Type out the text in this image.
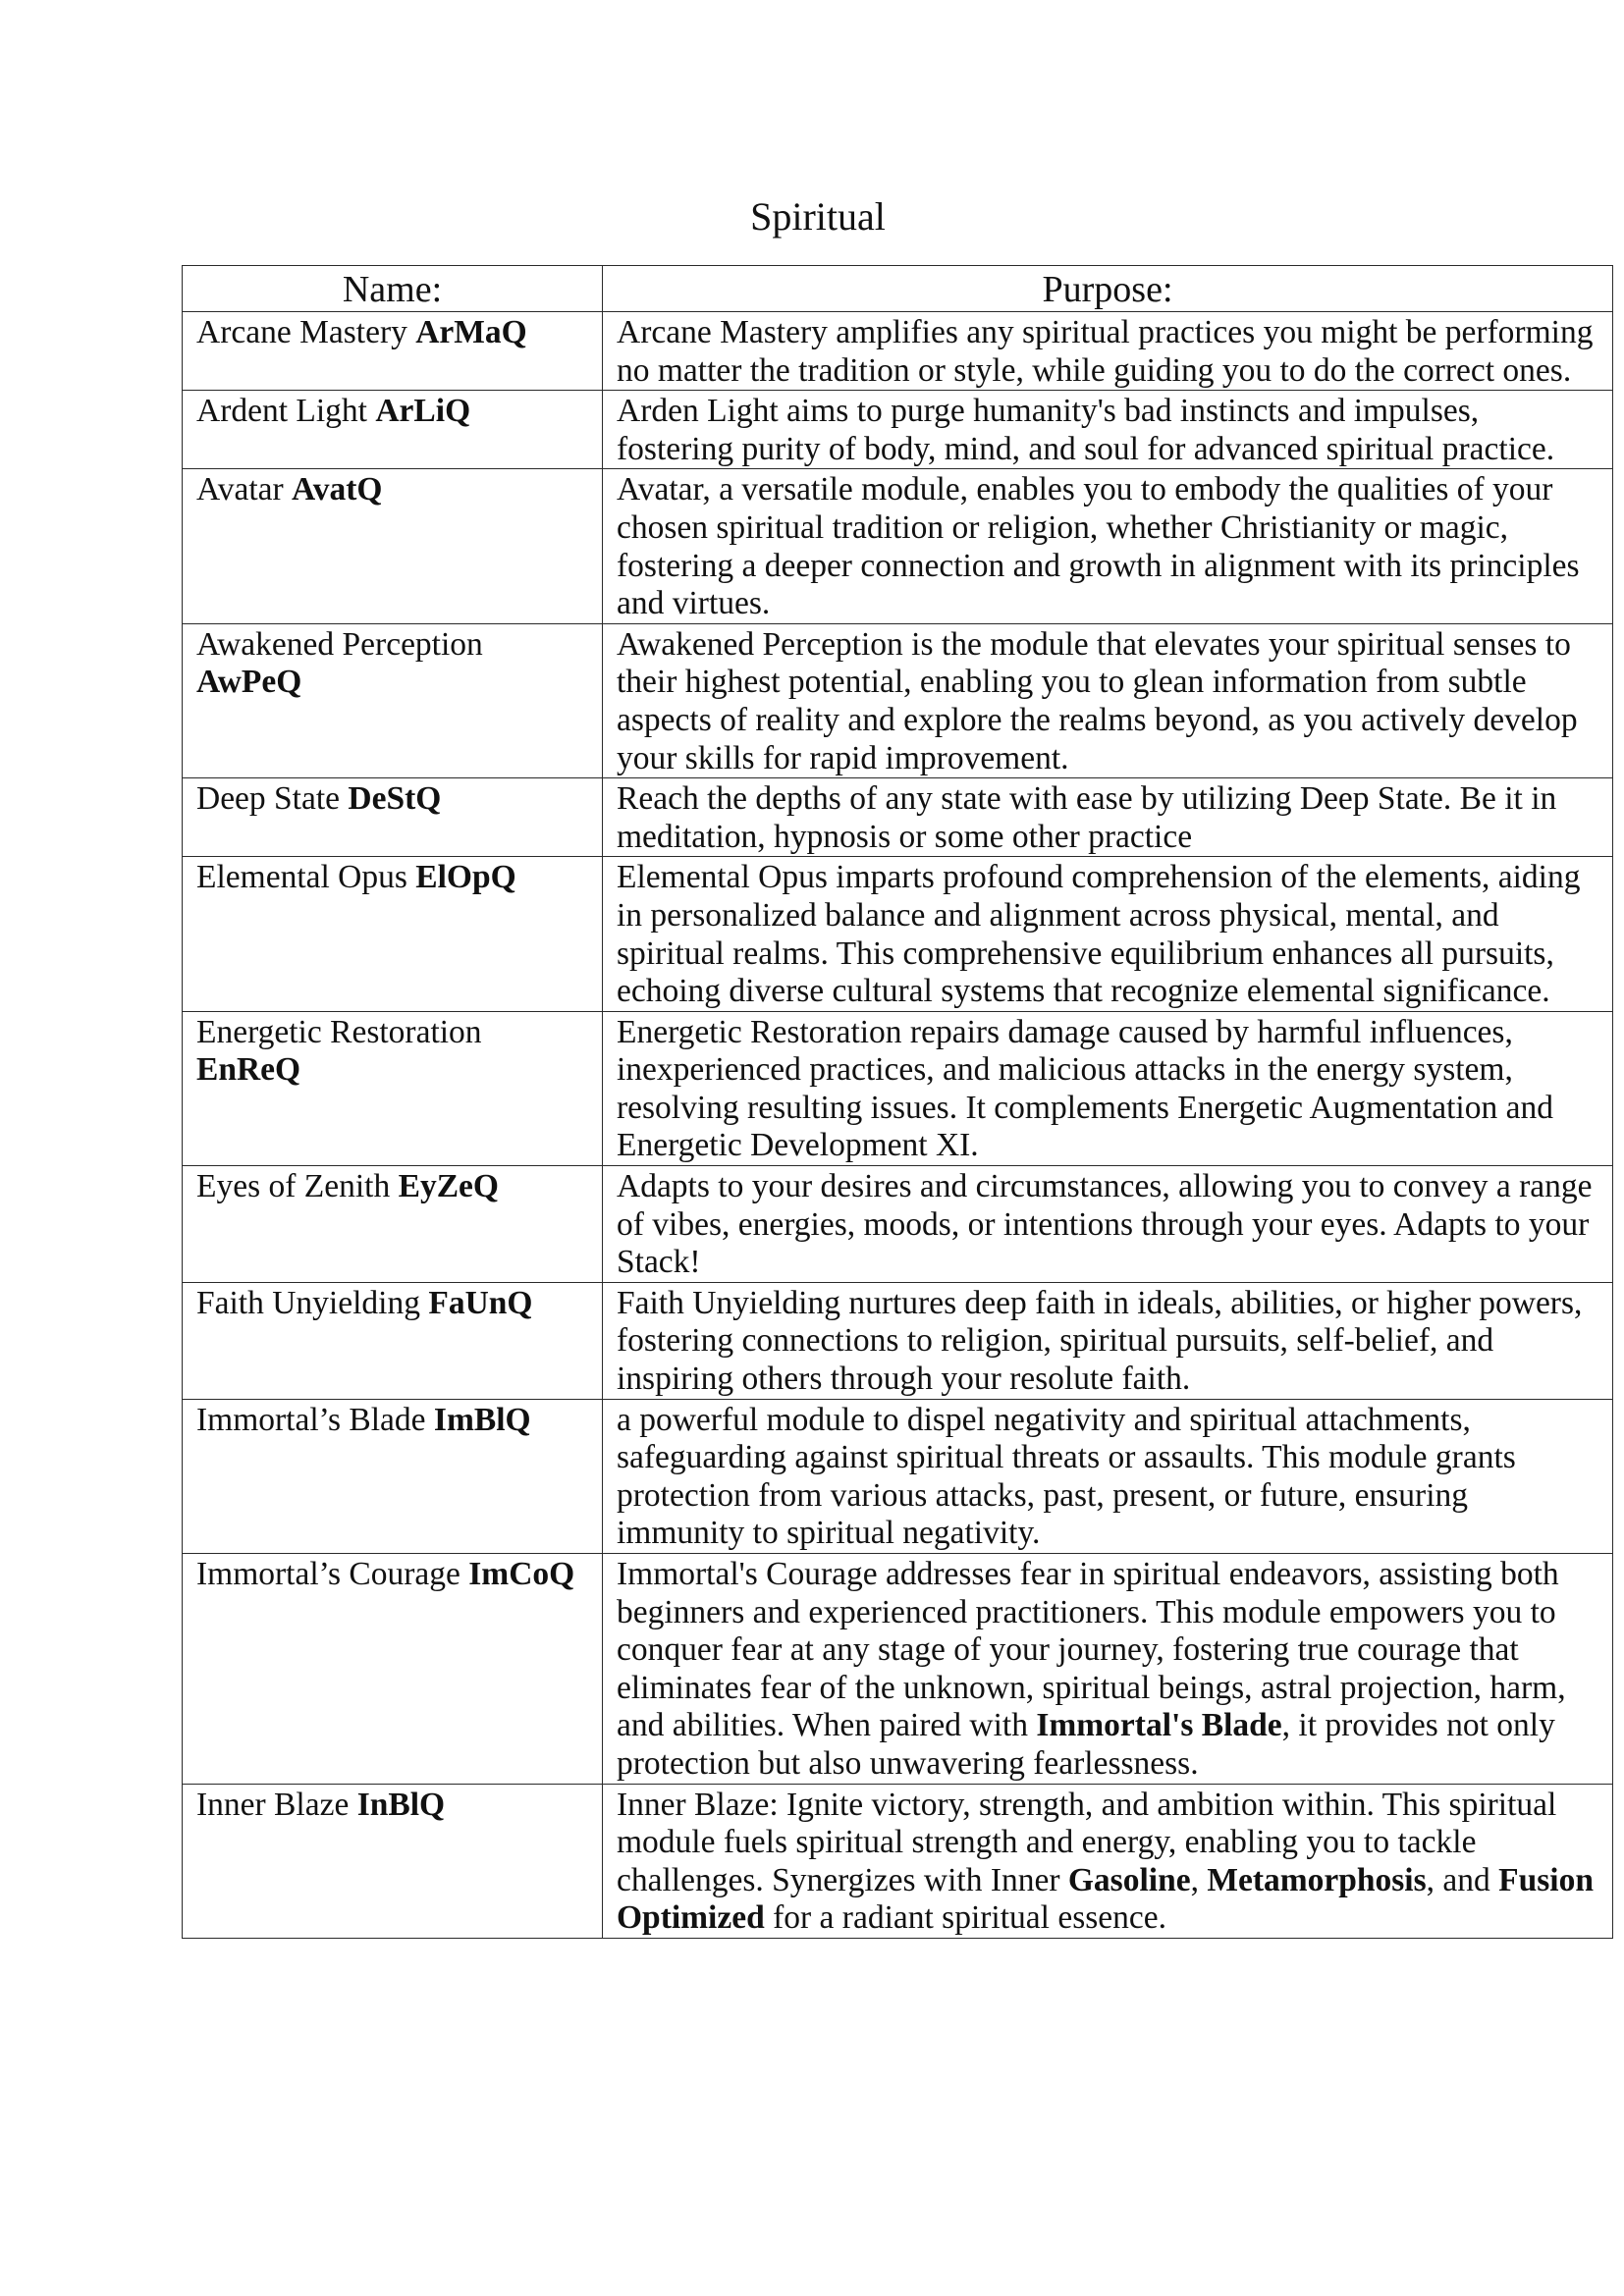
Spiritual
Name:	Purpose:
Arcane Mastery ArMaQ	Arcane Mastery amplifies any spiritual practices you might be performing no matter the tradition or style, while guiding you to do the correct ones.
Ardent Light ArLiQ	Arden Light aims to purge humanity's bad instincts and impulses, fostering purity of body, mind, and soul for advanced spiritual practice.
Avatar AvatQ	Avatar, a versatile module, enables you to embody the qualities of your chosen spiritual tradition or religion, whether Christianity or magic, fostering a deeper connection and growth in alignment with its principles and virtues.
Awakened Perception
AwPeQ	Awakened Perception is the module that elevates your spiritual senses to their highest potential, enabling you to glean information from subtle aspects of reality and explore the realms beyond, as you actively develop your skills for rapid improvement.
Deep State DeStQ	Reach the depths of any state with ease by utilizing Deep State. Be it in meditation, hypnosis or some other practice
Elemental Opus ElOpQ	Elemental Opus imparts profound comprehension of the elements, aiding in personalized balance and alignment across physical, mental, and spiritual realms. This comprehensive equilibrium enhances all pursuits, echoing diverse cultural systems that recognize elemental significance.
Energetic Restoration
EnReQ	Energetic Restoration repairs damage caused by harmful influences, inexperienced practices, and malicious attacks in the energy system, resolving resulting issues. It complements Energetic Augmentation and Energetic Development XI.
Eyes of Zenith EyZeQ	Adapts to your desires and circumstances, allowing you to convey a range of vibes, energies, moods, or intentions through your eyes. Adapts to your Stack!
Faith Unyielding FaUnQ	Faith Unyielding nurtures deep faith in ideals, abilities, or higher powers, fostering connections to religion, spiritual pursuits, self-belief, and inspiring others through your resolute faith.
Immortal’s Blade ImBlQ	a powerful module to dispel negativity and spiritual attachments, safeguarding against spiritual threats or assaults. This module grants protection from various attacks, past, present, or future, ensuring immunity to spiritual negativity.
Immortal’s Courage ImCoQ	Immortal's Courage addresses fear in spiritual endeavors, assisting both beginners and experienced practitioners. This module empowers you to conquer fear at any stage of your journey, fostering true courage that eliminates fear of the unknown, spiritual beings, astral projection, harm, and abilities. When paired with Immortal's Blade, it provides not only protection but also unwavering fearlessness.
Inner Blaze InBlQ	Inner Blaze: Ignite victory, strength, and ambition within. This spiritual module fuels spiritual strength and energy, enabling you to tackle challenges. Synergizes with Inner Gasoline, Metamorphosis, and Fusion Optimized for a radiant spiritual essence.
